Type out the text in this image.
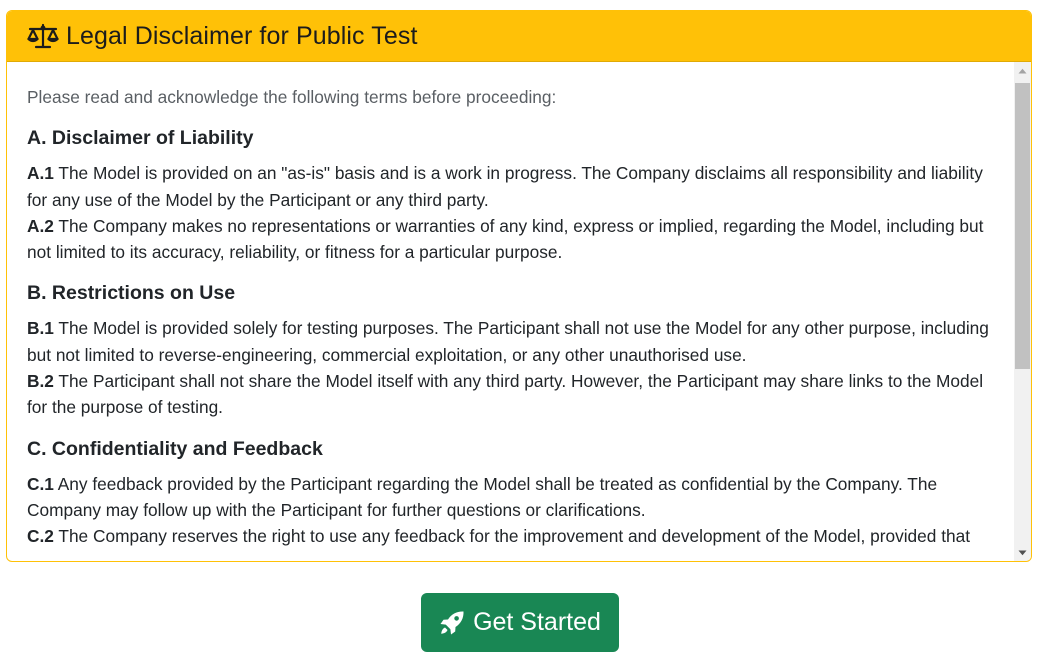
Legal Disclaimer for Public Test

Please read and acknowledge the following terms before proceeding:

A. Disclaimer of Liability

A.1 The Model is provided on an "as-is" basis and is a work in progress. The Company disclaims all responsibility and liability for any use of the Model by the Participant or any third party.

A.2 The Company makes no representations or warranties of any kind, express or implied, regarding the Model, including but not limited to its accuracy, reliability, or fitness for a particular purpose.

B. Restrictions on Use

B.1 The Model is provided solely for testing purposes. The Participant shall not use the Model for any other purpose, including but not limited to reverse-engineering, commercial exploitation, or any other unauthorised use.

B.2 The Participant shall not share the Model itself with any third party. However, the Participant may share links to the Model for the purpose of testing.

C. Confidentiality and Feedback

C.1 Any feedback provided by the Participant regarding the Model shall be treated as confidential by the Company. The Company may follow up with the Participant for further questions or clarifications.

C.2 The Company reserves the right to use any feedback for the improvement and development of the Model, provided that

Get Started
